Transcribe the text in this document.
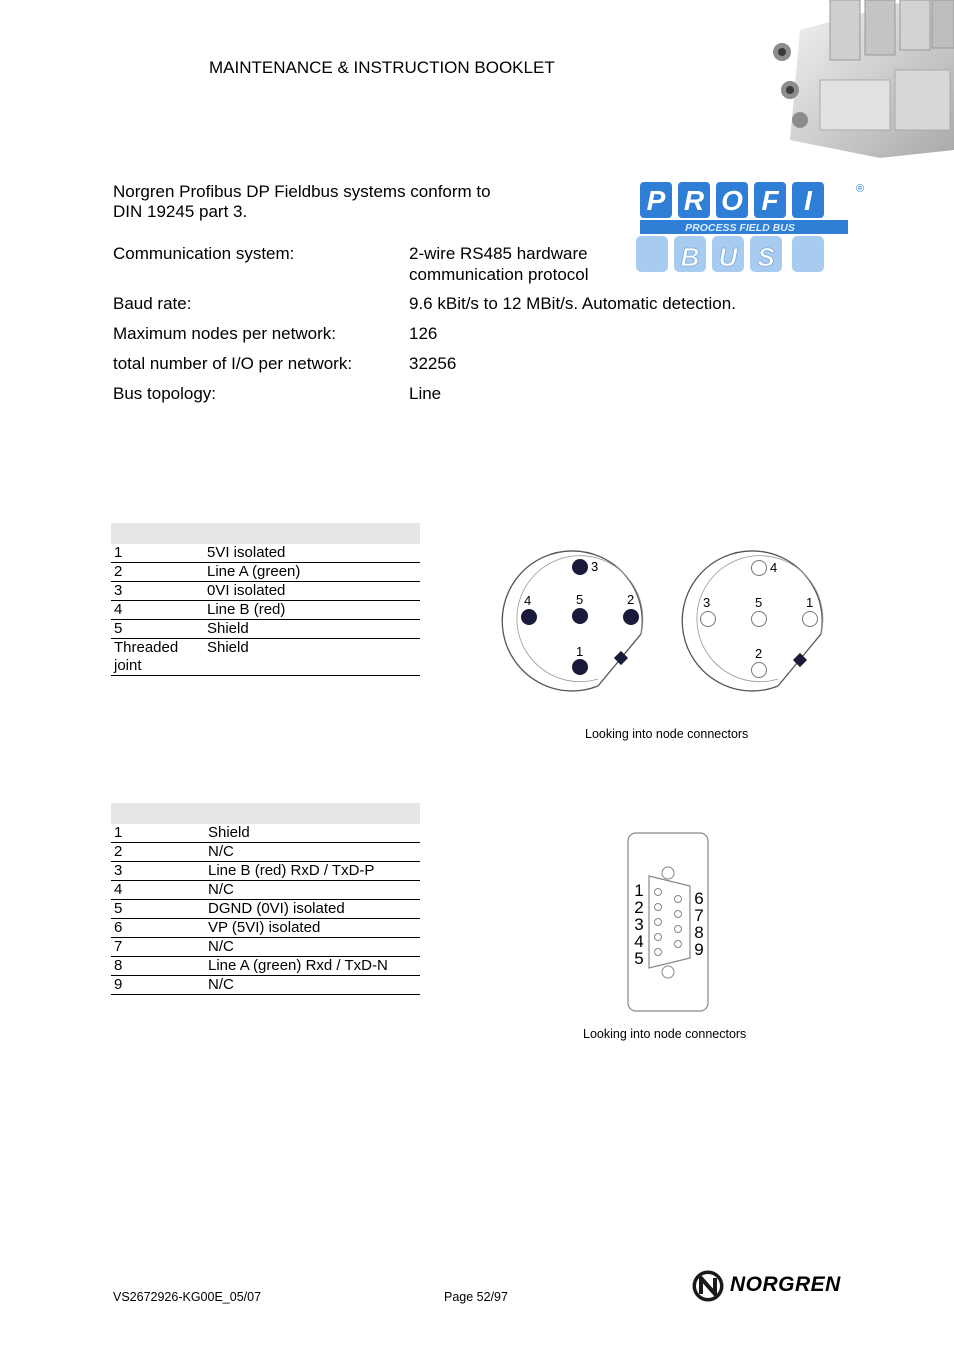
MAINTENANCE & INSTRUCTION BOOKLET
Norgren Profibus DP Fieldbus systems conform to
DIN 19245 part 3.	P R O F I
PROCESS FIELD BUS
®
B U S
Communication system:	2-wire RS485 hardware
communication protocol
Baud rate:	9.6 kBit/s to 12 MBit/s. Automatic detection.
Maximum nodes per network:	126
total number of I/O per network:	32256
Bus topology:	Line

1	5VI isolated
2	Line A (green)
3	0VI isolated
4	Line B (red)
5	Shield

Threaded
joint	Shield
3
4	5	2
1
4
3	5	1
2
Looking into node connectors

1	Shield
2	N/C
3	Line B (red) RxD / TxD-P
4	N/C
5	DGND (0VI) isolated
6	VP (5VI) isolated
7	N/C
8	Line A (green) Rxd / TxD-N
9	N/C
1
2
3
4
5
6
7
8
9
Looking into node connectors
VS2672926-KG00E_05/07	Page 52/97
NORGREN
